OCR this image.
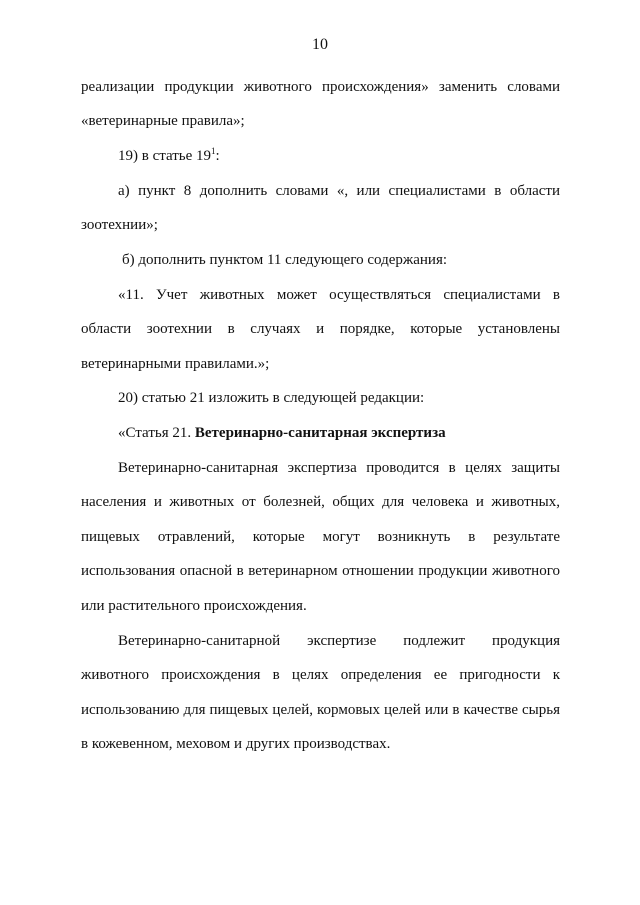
10
реализации продукции животного происхождения» заменить словами
«ветеринарные правила»;
19) в статье $19^1$:
а) пункт 8 дополнить словами «, или специалистами в области
зоотехнии»;
б) дополнить пунктом 11 следующего содержания:
«11. Учет животных может осуществляться специалистами в
области зоотехнии в случаях и порядке, которые установлены
ветеринарными правилами.»;
20) статью 21 изложить в следующей редакции:
«Статья 21. Ветеринарно-санитарная экспертиза
Ветеринарно-санитарная экспертиза проводится в целях защиты
населения и животных от болезней, общих для человека и животных,
пищевых отравлений, которые могут возникнуть в результате
использования опасной в ветеринарном отношении продукции животного
или растительного происхождения.
Ветеринарно-санитарной экспертизе подлежит продукция
животного происхождения в целях определения ее пригодности к
использованию для пищевых целей, кормовых целей или в качестве сырья
в кожевенном, меховом и других производствах.
